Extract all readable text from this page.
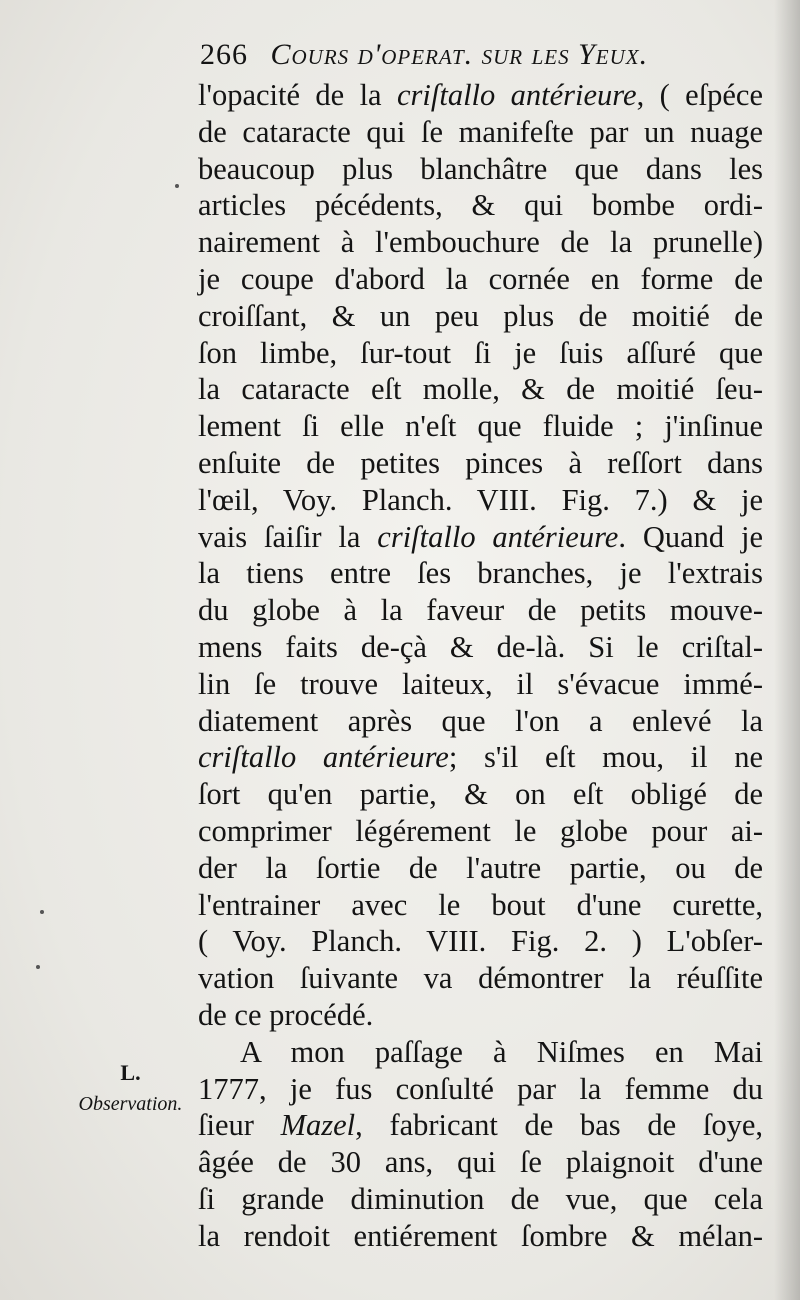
266 Cours d'operat. sur les Yeux.
l'opacité de la criſtallo antérieure, ( eſpéce
de cataracte qui ſe manifeſte par un nuage
beaucoup plus blanchâtre que dans les
articles pécédents, & qui bombe ordi-
nairement à l'embouchure de la prunelle)
je coupe d'abord la cornée en forme de
croiſſant, & un peu plus de moitié de
ſon limbe, ſur-tout ſi je ſuis aſſuré que
la cataracte eſt molle, & de moitié ſeu-
lement ſi elle n'eſt que fluide ; j'inſinue
enſuite de petites pinces à reſſort dans
l'œil, Voy. Planch. VIII. Fig. 7.) & je
vais ſaiſir la criſtallo antérieure. Quand je
la tiens entre ſes branches, je l'extrais
du globe à la faveur de petits mouve-
mens faits de-çà & de-là. Si le criſtal-
lin ſe trouve laiteux, il s'évacue immé-
diatement après que l'on a enlevé la
criſtallo antérieure; s'il eſt mou, il ne
ſort qu'en partie, & on eſt obligé de
comprimer légérement le globe pour ai-
der la ſortie de l'autre partie, ou de
l'entrainer avec le bout d'une curette,
( Voy. Planch. VIII. Fig. 2. ) L'obſer-
vation ſuivante va démontrer la réuſſite
de ce procédé.
A mon paſſage à Niſmes en Mai
1777, je fus conſulté par la femme du
ſieur Mazel, fabricant de bas de ſoye,
âgée de 30 ans, qui ſe plaignoit d'une
ſi grande diminution de vue, que cela
la rendoit entiérement ſombre & mélan-
L.
Observation.
